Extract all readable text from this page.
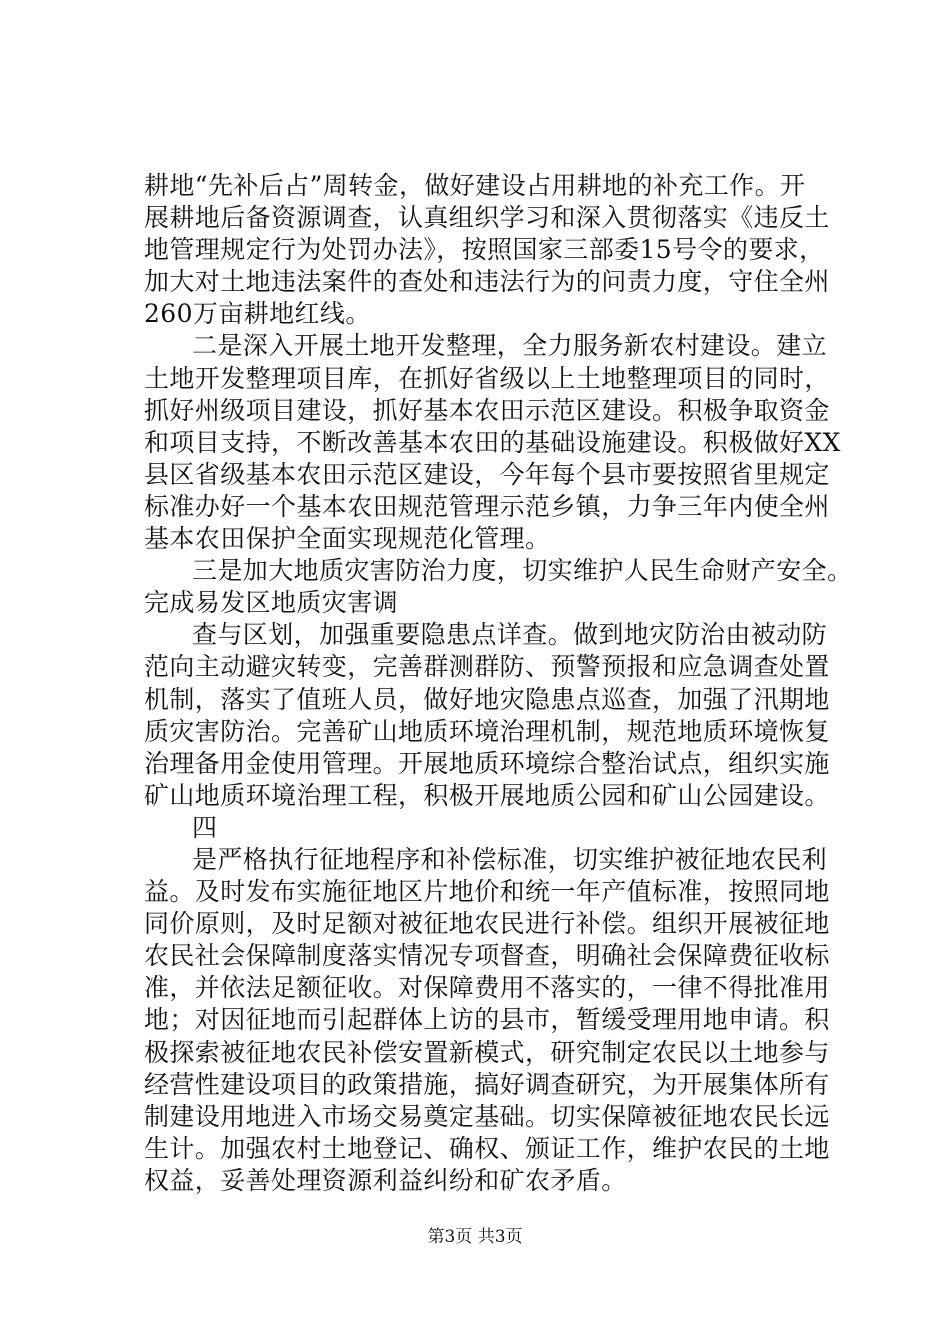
耕地“先补后占”周转金，做好建设占用耕地的补充工作。开
展耕地后备资源调查，认真组织学习和深入贯彻落实《违反土
地管理规定行为处罚办法》，按照国家三部委15号令的要求，
加大对土地违法案件的查处和违法行为的问责力度，守住全州
260万亩耕地红线。
二是深入开展土地开发整理，全力服务新农村建设。建立
土地开发整理项目库，在抓好省级以上土地整理项目的同时，
抓好州级项目建设，抓好基本农田示范区建设。积极争取资金
和项目支持，不断改善基本农田的基础设施建设。积极做好XX
县区省级基本农田示范区建设，今年每个县市要按照省里规定
标准办好一个基本农田规范管理示范乡镇，力争三年内使全州
基本农田保护全面实现规范化管理。
三是加大地质灾害防治力度，切实维护人民生命财产安全。
完成易发区地质灾害调
查与区划，加强重要隐患点详查。做到地灾防治由被动防
范向主动避灾转变，完善群测群防、预警预报和应急调查处置
机制，落实了值班人员，做好地灾隐患点巡查，加强了汛期地
质灾害防治。完善矿山地质环境治理机制，规范地质环境恢复
治理备用金使用管理。开展地质环境综合整治试点，组织实施
矿山地质环境治理工程，积极开展地质公园和矿山公园建设。
四
是严格执行征地程序和补偿标准，切实维护被征地农民利
益。及时发布实施征地区片地价和统一年产值标准，按照同地
同价原则，及时足额对被征地农民进行补偿。组织开展被征地
农民社会保障制度落实情况专项督查，明确社会保障费征收标
准，并依法足额征收。对保障费用不落实的，一律不得批准用
地；对因征地而引起群体上访的县市，暂缓受理用地申请。积
极探索被征地农民补偿安置新模式，研究制定农民以土地参与
经营性建设项目的政策措施，搞好调查研究，为开展集体所有
制建设用地进入市场交易奠定基础。切实保障被征地农民长远
生计。加强农村土地登记、确权、颁证工作，维护农民的土地
权益，妥善处理资源利益纠纷和矿农矛盾。
第3页 共3页
